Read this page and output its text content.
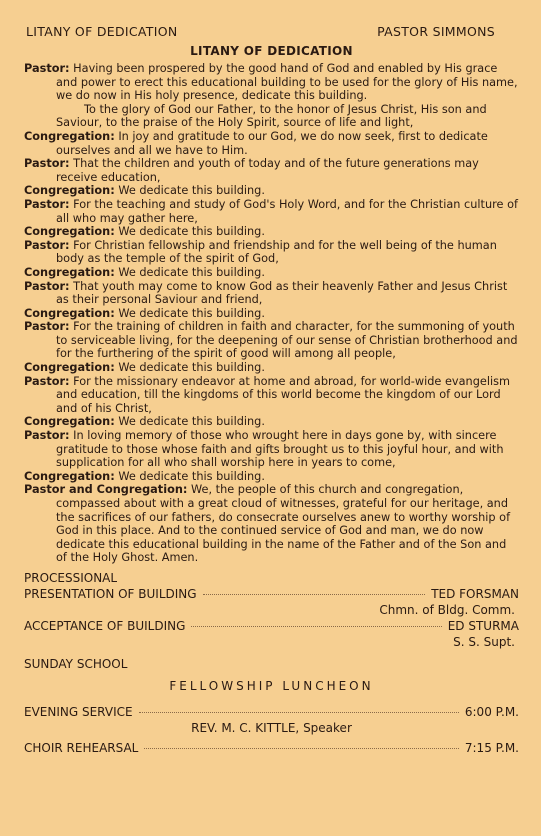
LITANY OF DEDICATION	PASTOR SIMMONS
LITANY OF DEDICATION

Pastor: Having been prospered by the good hand of God and enabled by His grace and power to erect this educational building to be used for the glory of His name, we do now in His holy presence, dedicate this building.

To the glory of God our Father, to the honor of Jesus Christ, His son and Saviour, to the praise of the Holy Spirit, source of life and light,

Congregation: In joy and gratitude to our God, we do now seek, first to dedicate ourselves and all we have to Him.

Pastor: That the children and youth of today and of the future generations may receive education,

Congregation: We dedicate this building.

Pastor: For the teaching and study of God's Holy Word, and for the Christian culture of all who may gather here,

Congregation: We dedicate this building.

Pastor: For Christian fellowship and friendship and for the well being of the human body as the temple of the spirit of God,

Congregation: We dedicate this building.

Pastor: That youth may come to know God as their heavenly Father and Jesus Christ as their personal Saviour and friend,

Congregation: We dedicate this building.

Pastor: For the training of children in faith and character, for the summoning of youth to serviceable living, for the deepening of our sense of Christian brotherhood and for the furthering of the spirit of good will among all people,

Congregation: We dedicate this building.

Pastor: For the missionary endeavor at home and abroad, for world-wide evangelism and education, till the kingdoms of this world become the kingdom of our Lord and of his Christ,

Congregation: We dedicate this building.

Pastor: In loving memory of those who wrought here in days gone by, with sincere gratitude to those whose faith and gifts brought us to this joyful hour, and with supplication for all who shall worship here in years to come,

Congregation: We dedicate this building.

Pastor and Congregation: We, the people of this church and congregation, compassed about with a great cloud of witnesses, grateful for our heritage, and the sacrifices of our fathers, do consecrate ourselves anew to worthy worship of God in this place. And to the continued service of God and man, we do now dedicate this educational building in the name of the Father and of the Son and of the Holy Ghost. Amen.

PROCESSIONAL
PRESENTATION OF BUILDING	TED FORSMAN
Chmn. of Bldg. Comm.
ACCEPTANCE OF BUILDING	ED STURMA
S. S. Supt.
SUNDAY SCHOOL
FELLOWSHIP LUNCHEON
EVENING SERVICE	6:00 P.M.
REV. M. C. KITTLE, Speaker
CHOIR REHEARSAL	7:15 P.M.
